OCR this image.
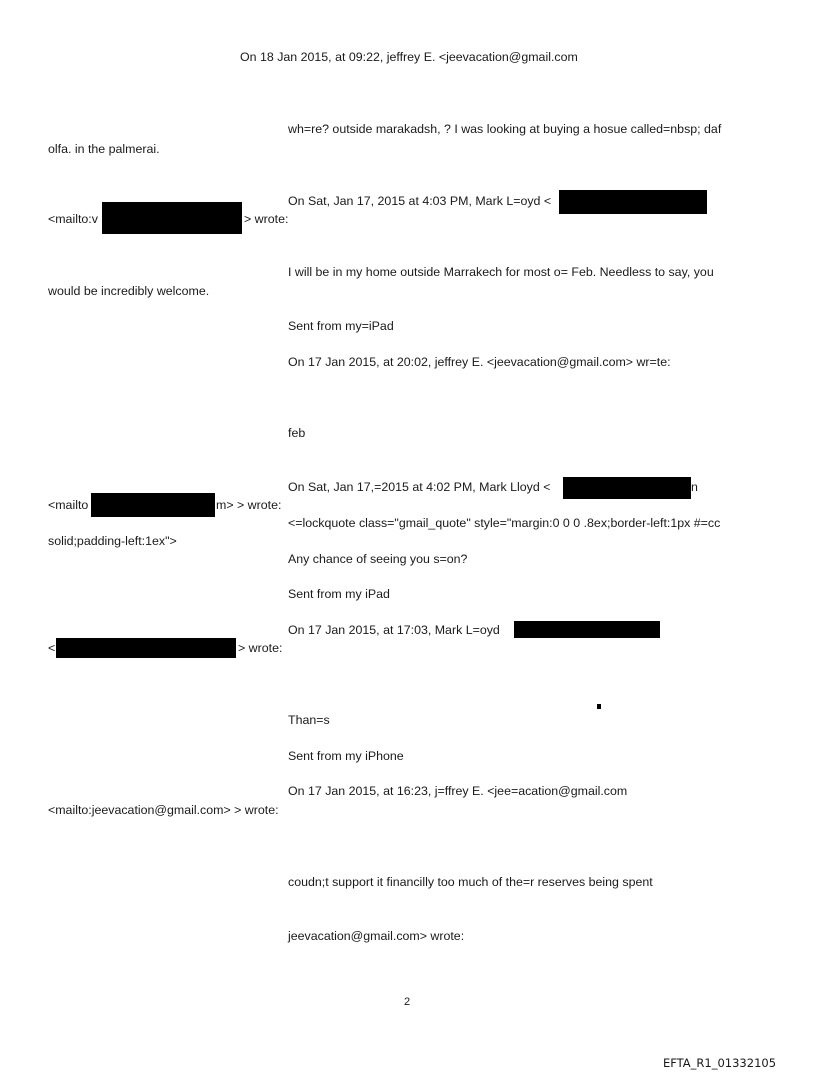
On 18 Jan 2015, at 09:22, jeffrey E. <jeevacation@gmail.com
wh=re? outside marakadsh, ? I was looking at buying a hosue called=nbsp; daf
olfa. in the palmerai.
On Sat, Jan 17, 2015 at 4:03 PM, Mark L=oyd <
<mailto:v	> wrote:
I will be in my home outside Marrakech for most o= Feb. Needless to say, you
would be incredibly welcome.
Sent from my=iPad
On 17 Jan 2015, at 20:02, jeffrey E. <jeevacation@gmail.com> wr=te:
feb
On Sat, Jan 17,=2015 at 4:02 PM, Mark Lloyd <	n
<mailto	m> > wrote:
<=lockquote class="gmail_quote" style="margin:0 0 0 .8ex;border-left:1px #=cc
solid;padding-left:1ex">
Any chance of seeing you s=on?
Sent from my iPad
On 17 Jan 2015, at 17:03, Mark L=oyd
<	> wrote:
Than=s
Sent from my iPhone
On 17 Jan 2015, at 16:23, j=ffrey E. <jee=acation@gmail.com
<mailto:jeevacation@gmail.com> > wrote:
coudn;t support it financilly too much of the=r reserves being spent
jeevacation@gmail.com> wrote:
2
EFTA_R1_01332105
